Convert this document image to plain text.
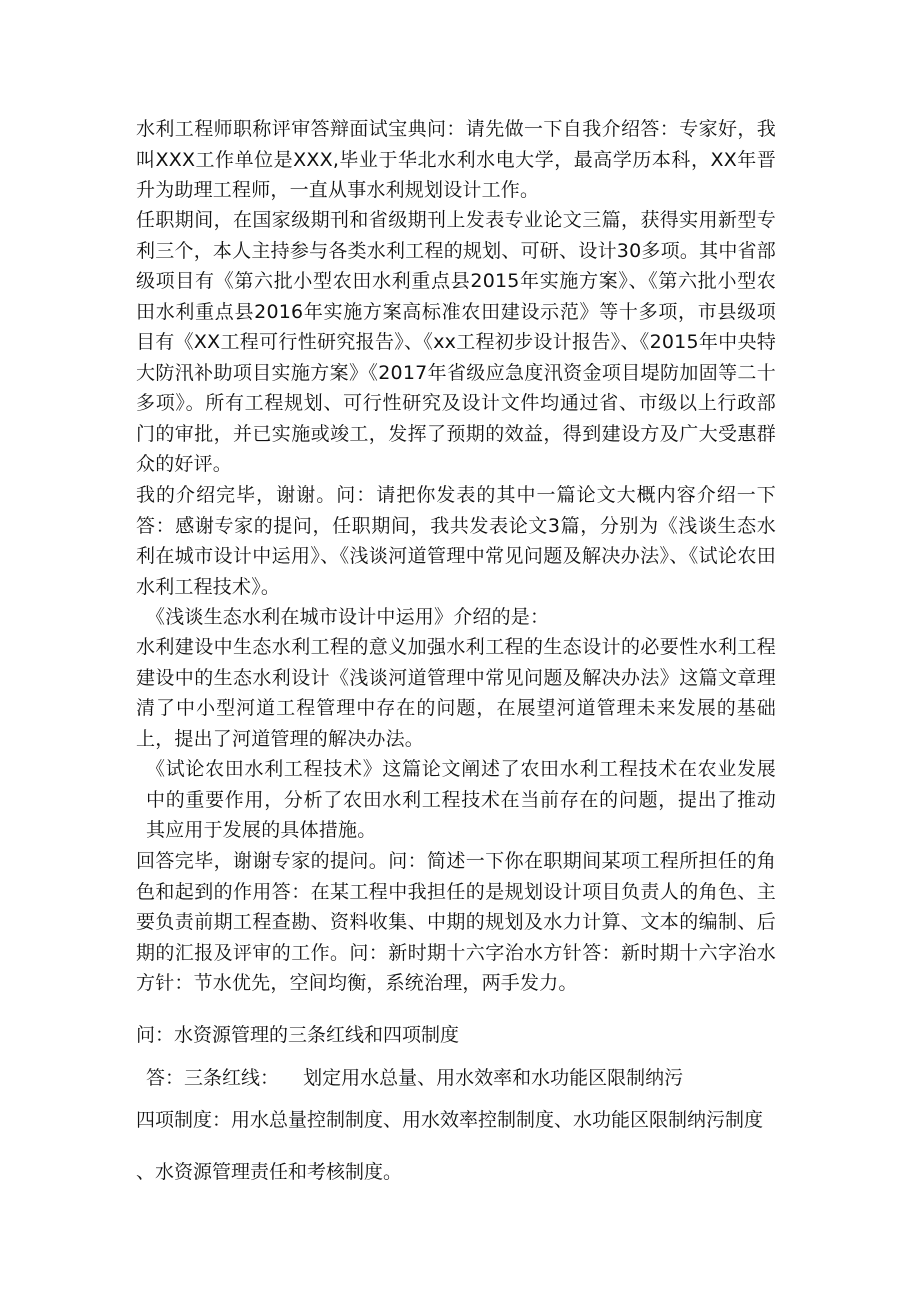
水利工程师职称评审答辩面试宝典问：请先做一下自我介绍答：专家好，我叫XXX工作单位是XXX,毕业于华北水利水电大学，最高学历本科，XX年晋升为助理工程师，一直从事水利规划设计工作。

任职期间，在国家级期刊和省级期刊上发表专业论文三篇，获得实用新型专利三个，本人主持参与各类水利工程的规划、可研、设计30多项。其中省部级项目有《第六批小型农田水利重点县2015年实施方案》、《第六批小型农田水利重点县2016年实施方案高标准农田建设示范》等十多项，市县级项目有《XX工程可行性研究报告》、《xx工程初步设计报告》、《2015年中央特大防汛补助项目实施方案》《2017年省级应急度汛资金项目堤防加固等二十多项》。所有工程规划、可行性研究及设计文件均通过省、市级以上行政部门的审批，并已实施或竣工，发挥了预期的效益，得到建设方及广大受惠群众的好评。

我的介绍完毕，谢谢。问：请把你发表的其中一篇论文大概内容介绍一下答：感谢专家的提问，任职期间，我共发表论文3篇，分别为《浅谈生态水利在城市设计中运用》、《浅谈河道管理中常见问题及解决办法》、《试论农田水利工程技术》。

《浅谈生态水利在城市设计中运用》介绍的是：

水利建设中生态水利工程的意义加强水利工程的生态设计的必要性水利工程建设中的生态水利设计《浅谈河道管理中常见问题及解决办法》这篇文章理清了中小型河道工程管理中存在的问题，在展望河道管理未来发展的基础上，提出了河道管理的解决办法。

《试论农田水利工程技术》这篇论文阐述了农田水利工程技术在农业发展中的重要作用，分析了农田水利工程技术在当前存在的问题，提出了推动其应用于发展的具体措施。

回答完毕，谢谢专家的提问。问：简述一下你在职期间某项工程所担任的角色和起到的作用答：在某工程中我担任的是规划设计项目负责人的角色、主要负责前期工程查勘、资料收集、中期的规划及水力计算、文本的编制、后期的汇报及评审的工作。问：新时期十六字治水方针答：新时期十六字治水方针：节水优先，空间均衡，系统治理，两手发力。

问：水资源管理的三条红线和四项制度

答：三条红线：    划定用水总量、用水效率和水功能区限制纳污

四项制度：用水总量控制制度、用水效率控制制度、水功能区限制纳污制度

、水资源管理责任和考核制度。
